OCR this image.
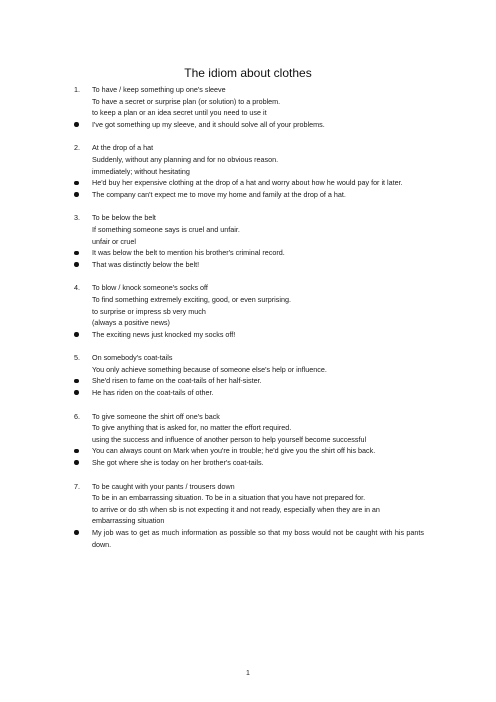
The idiom about clothes
1. To have / keep something up one's sleeve
To have a secret or surprise plan (or solution) to a problem.
to keep a plan or an idea secret until you need to use it
I've got something up my sleeve, and it should solve all of your problems.
2. At the drop of a hat
Suddenly, without any planning and for no obvious reason.
immediately; without hesitating
He'd buy her expensive clothing at the drop of a hat and worry about how he would pay for it later.
The company can't expect me to move my home and family at the drop of a hat.
3. To be below the belt
If something someone says is cruel and unfair.
unfair or cruel
It was below the belt to mention his brother's criminal record.
That was distinctly below the belt!
4. To blow / knock someone's socks off
To find something extremely exciting, good, or even surprising.
to surprise or impress sb very much
(always a positive news)
The exciting news just knocked my socks off!
5. On somebody's coat-tails
You only achieve something because of someone else's help or influence.
She'd risen to fame on the coat-tails of her half-sister.
He has riden on the coat-tails of other.
6. To give someone the shirt off one's back
To give anything that is asked for, no matter the effort required.
using the success and influence of another person to help yourself become successful
You can always count on Mark when you're in trouble; he'd give you the shirt off his back.
She got where she is today on her brother's coat-tails.
7. To be caught with your pants / trousers down
To be in an embarrassing situation. To be in a situation that you have not prepared for.
to arrive or do sth when sb is not expecting it and not ready, especially when they are in an embarrassing situation
My job was to get as much information as possible so that my boss would not be caught with his pants down.
1
